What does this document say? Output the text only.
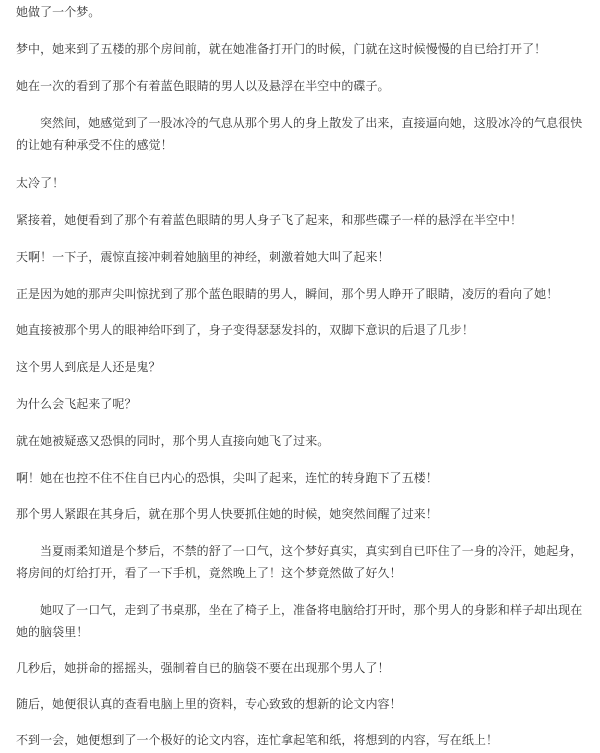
她做了一个梦。

梦中，她来到了五楼的那个房间前，就在她准备打开门的时候，门就在这时候慢慢的自已给打开了！

她在一次的看到了那个有着蓝色眼睛的男人以及悬浮在半空中的碟子。

突然间，她感觉到了一股冰冷的气息从那个男人的身上散发了出来，直接逼向她，这股冰冷的气息很快的让她有种承受不住的感觉！

太冷了！

紧接着，她便看到了那个有着蓝色眼睛的男人身子飞了起来，和那些碟子一样的悬浮在半空中！

天啊！一下子，震惊直接冲刺着她脑里的神经，刺激着她大叫了起来！

正是因为她的那声尖叫惊扰到了那个蓝色眼睛的男人，瞬间，那个男人睁开了眼睛，凌厉的看向了她！

她直接被那个男人的眼神给吓到了，身子变得瑟瑟发抖的，双脚下意识的后退了几步！

这个男人到底是人还是鬼？

为什么会飞起来了呢？

就在她被疑惑又恐惧的同时，那个男人直接向她飞了过来。

啊！她在也控不住不住自已内心的恐惧，尖叫了起来，连忙的转身跑下了五楼！

那个男人紧跟在其身后，就在那个男人快要抓住她的时候，她突然间醒了过来！

当夏雨柔知道是个梦后，不禁的舒了一口气，这个梦好真实，真实到自已吓住了一身的冷汗，她起身，将房间的灯给打开，看了一下手机，竟然晚上了！这个梦竟然做了好久！

她叹了一口气，走到了书桌那，坐在了椅子上，准备将电脑给打开时，那个男人的身影和样子却出现在她的脑袋里！

几秒后，她拼命的摇摇头，强制着自已的脑袋不要在出现那个男人了！

随后，她便很认真的查看电脑上里的资料，专心致致的想新的论文内容！

不到一会，她便想到了一个极好的论文内容，连忙拿起笔和纸，将想到的内容，写在纸上！
